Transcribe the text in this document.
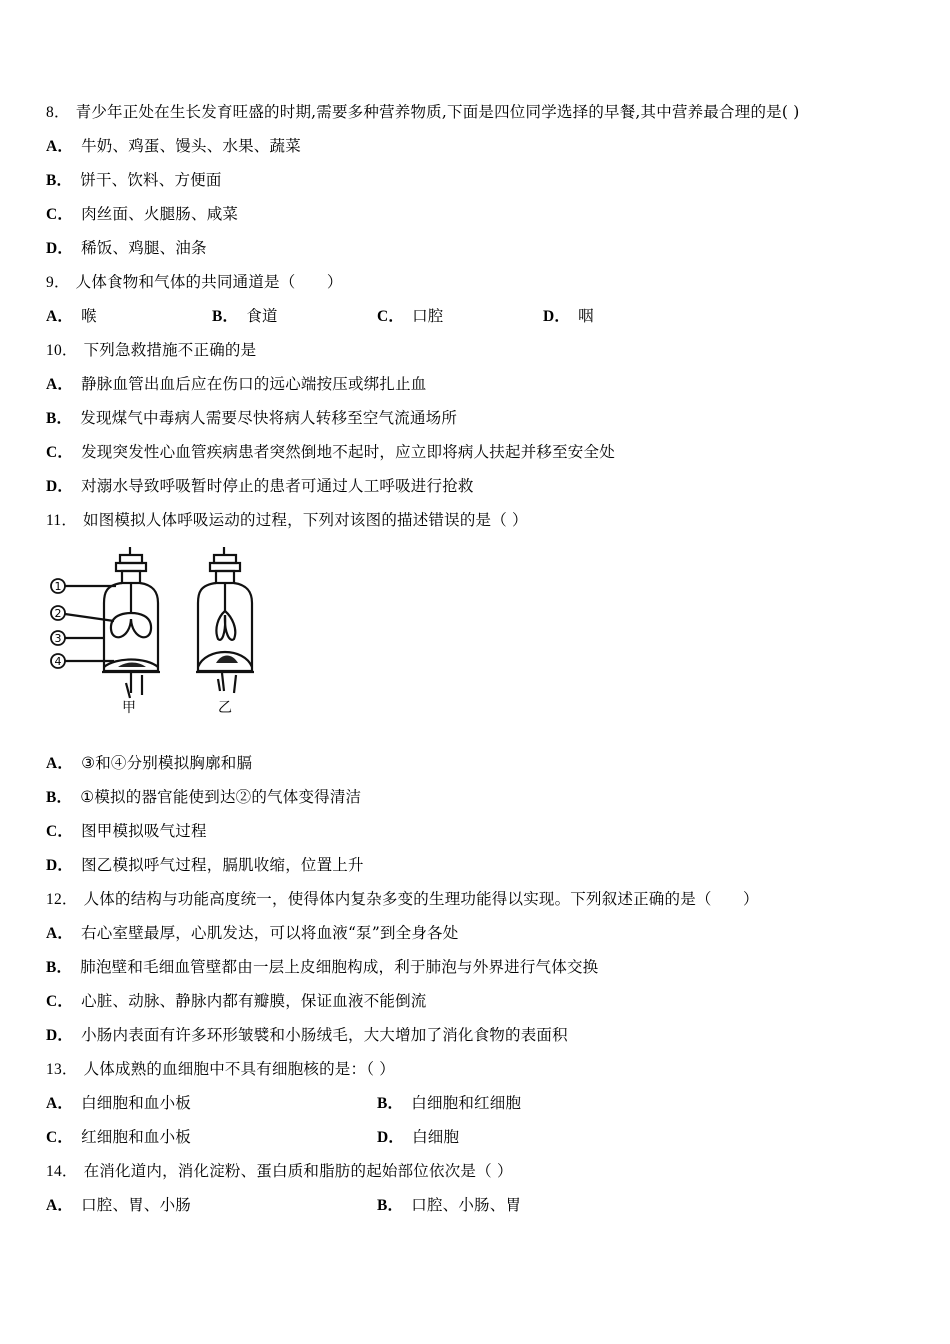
8． 青少年正处在生长发育旺盛的时期,需要多种营养物质,下面是四位同学选择的早餐,其中营养最合理的是( )
A． 牛奶、鸡蛋、馒头、水果、蔬菜
B． 饼干、饮料、方便面
C． 肉丝面、火腿肠、咸菜
D． 稀饭、鸡腿、油条
9． 人体食物和气体的共同通道是（　　）
A． 喉	B． 食道	C． 口腔	D． 咽
10． 下列急救措施不正确的是
A． 静脉血管出血后应在伤口的远心端按压或绑扎止血
B． 发现煤气中毒病人需要尽快将病人转移至空气流通场所
C． 发现突发性心血管疾病患者突然倒地不起时，应立即将病人扶起并移至安全处
D． 对溺水导致呼吸暂时停止的患者可通过人工呼吸进行抢救
11． 如图模拟人体呼吸运动的过程，下列对该图的描述错误的是（ ）
1
2
3
4
甲	乙
A． ③和④分别模拟胸廓和膈
B． ①模拟的器官能使到达②的气体变得清洁
C． 图甲模拟吸气过程
D． 图乙模拟呼气过程，膈肌收缩，位置上升
12． 人体的结构与功能高度统一，使得体内复杂多变的生理功能得以实现。下列叙述正确的是（　　）
A． 右心室壁最厚，心肌发达，可以将血液“泵”到全身各处
B． 肺泡壁和毛细血管壁都由一层上皮细胞构成，利于肺泡与外界进行气体交换
C． 心脏、动脉、静脉内都有瓣膜，保证血液不能倒流
D． 小肠内表面有许多环形皱襞和小肠绒毛，大大增加了消化食物的表面积
13． 人体成熟的血细胞中不具有细胞核的是：（ ）
A． 白细胞和血小板	B． 白细胞和红细胞
C． 红细胞和血小板	D． 白细胞
14． 在消化道内，消化淀粉、蛋白质和脂肪的起始部位依次是（ ）
A． 口腔、胃、小肠	B． 口腔、小肠、胃
